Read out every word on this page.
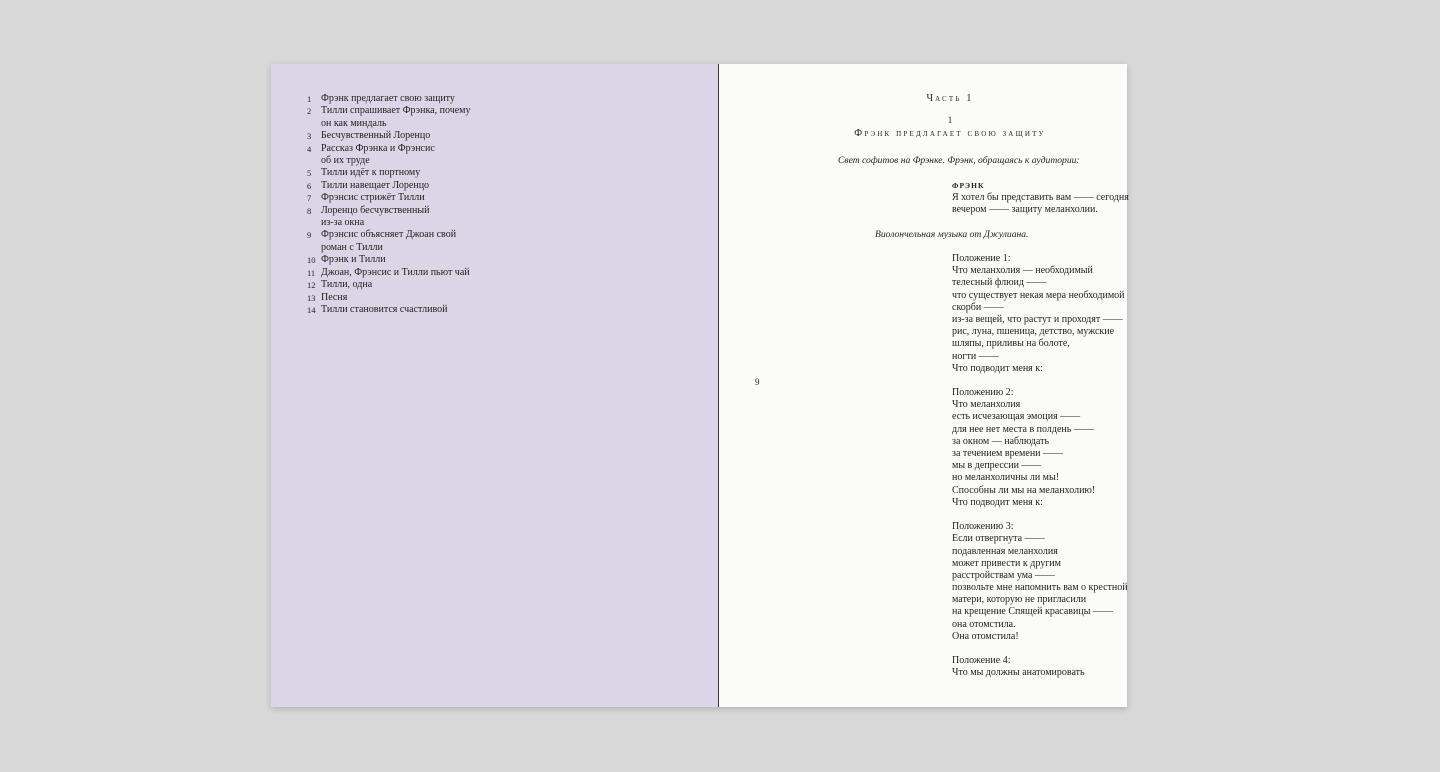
1 Фрэнк предлагает свою защиту
2 Тилли спрашивает Фрэнка, почему
он как миндаль
3 Бесчувственный Лоренцо
4 Рассказ Фрэнка и Фрэнсис
об их труде
5 Тилли идёт к портному
6 Тилли навещает Лоренцо
7 Фрэнсис стрижёт Тилли
8 Лоренцо бесчувственный
из-за окна
9 Фрэнсис объясняет Джоан свой
роман с Тилли
10 Фрэнк и Тилли
11 Джоан, Фрэнсис и Тилли пьют чай
12 Тилли, одна
13 Песня
14 Тилли становится счастливой
Часть 1
1
Фрэнк предлагает свою защиту
Свет софитов на Фрэнке. Фрэнк, обращаясь к аудитории:
ФРЭНК
Я хотел бы представить вам —— сегодня
вечером —— защиту меланхолии.
Виолончельная музыка от Джулиана.
Положение 1:
Что меланхолия — необходимый
телесный флюид ——
что существует некая мера необходимой
скорби ——
из-за вещей, что растут и проходят ——
рис, луна, пшеница, детство, мужские
шляпы, приливы на болоте,
ногти ——
Что подводит меня к:
Положению 2:
Что меланхолия
есть исчезающая эмоция ——
для нее нет места в полдень ——
за окном — наблюдать
за течением времени ——
мы в депрессии ——
но меланхоличны ли мы!
Способны ли мы на меланхолию!
Что подводит меня к:
Положению 3:
Если отвергнута ——
подавленная меланхолия
может привести к другим
расстройствам ума ——
позвольте мне напомнить вам о крестной
матери, которую не пригласили
на крещение Спящей красавицы ——
она отомстила.
Она отомстила!
Положение 4:
Что мы должны анатомировать
9
